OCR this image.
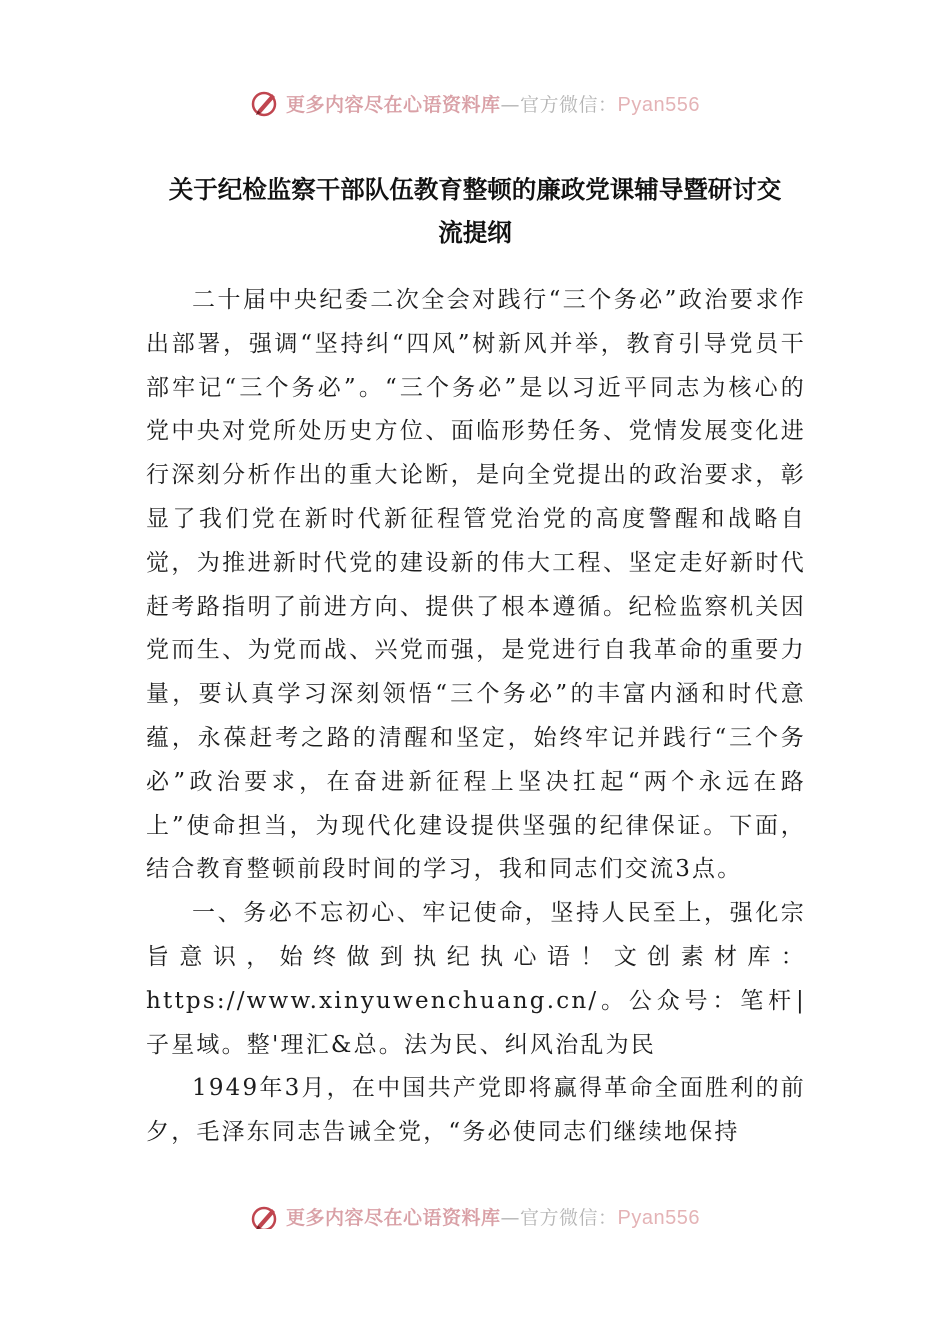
更多内容尽在心语资料库—官方微信：Pyan556
关于纪检监察干部队伍教育整顿的廉政党课辅导暨研讨交
流提纲

二十届中央纪委二次全会对践行“三个务必”政治要求作出部署，强调“坚持纠“四风”树新风并举，教育引导党员干部牢记“三个务必”。“三个务必”是以习近平同志为核心的党中央对党所处历史方位、面临形势任务、党情发展变化进行深刻分析作出的重大论断，是向全党提出的政治要求，彰显了我们党在新时代新征程管党治党的高度警醒和战略自觉，为推进新时代党的建设新的伟大工程、坚定走好新时代赶考路指明了前进方向、提供了根本遵循。纪检监察机关因党而生、为党而战、兴党而强，是党进行自我革命的重要力量，要认真学习深刻领悟“三个务必”的丰富内涵和时代意蕴，永葆赶考之路的清醒和坚定，始终牢记并践行“三个务必”政治要求，在奋进新征程上坚决扛起“两个永远在路上”使命担当，为现代化建设提供坚强的纪律保证。下面，结合教育整顿前段时间的学习，我和同志们交流3点。

一、务必不忘初心、牢记使命，坚持人民至上，强化宗旨意识，始终做到执纪执心语！文创素材库：https://www.xinyuwenchuang.cn/。公众号：笔杆|子星域。整'理汇&总。法为民、纠风治乱为民

1949年3月，在中国共产党即将赢得革命全面胜利的前夕，毛泽东同志告诫全党，“务必使同志们继续地保持

更多内容尽在心语资料库—官方微信：Pyan556
